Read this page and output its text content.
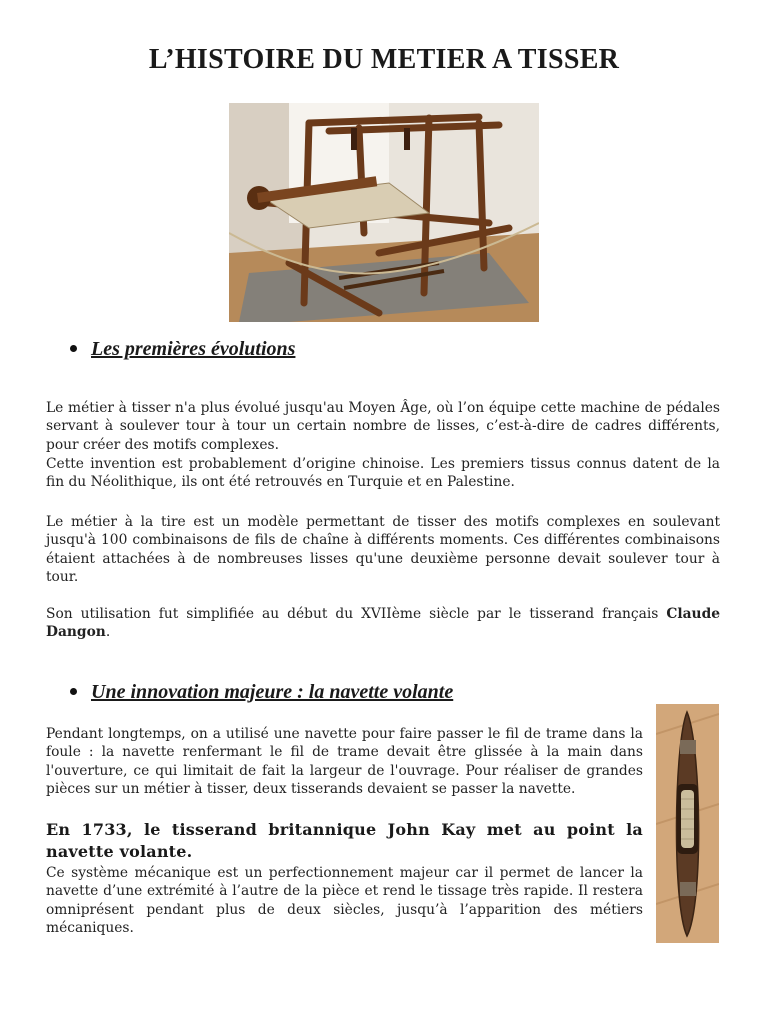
L’HISTOIRE DU METIER A TISSER
Les premières évolutions

Le métier à tisser n'a plus évolué jusqu'au Moyen Âge, où l’on équipe cette machine de pédales servant à soulever tour à tour un certain nombre de lisses, c’est-à-dire de cadres différents, pour créer des motifs complexes.

Cette invention est probablement d’origine chinoise. Les premiers tissus connus datent de la fin du Néolithique, ils ont été retrouvés en Turquie et en Palestine.

Le métier à la tire est un modèle permettant de tisser des motifs complexes en soulevant jusqu'à 100 combinaisons de fils de chaîne à différents moments. Ces différentes combinaisons étaient attachées à de nombreuses lisses qu'une deuxième personne devait soulever tour à tour.

Son utilisation fut simplifiée au début du XVIIème siècle par le tisserand français Claude Dangon.

Une innovation majeure : la navette volante

Pendant longtemps, on a utilisé une navette pour faire passer le fil de trame dans la foule : la navette renfermant le fil de trame devait être glissée à la main dans l'ouverture, ce qui limitait de fait la largeur de l'ouvrage. Pour réaliser de grandes pièces sur un métier à tisser, deux tisserands devaient se passer la navette.

En 1733, le tisserand britannique John Kay met au point la navette volante.

Ce système mécanique est un perfectionnement majeur car il permet de lancer la navette d’une extrémité à l’autre de la pièce et rend le tissage très rapide. Il restera omniprésent pendant plus de deux siècles, jusqu’à l’apparition des métiers mécaniques.
